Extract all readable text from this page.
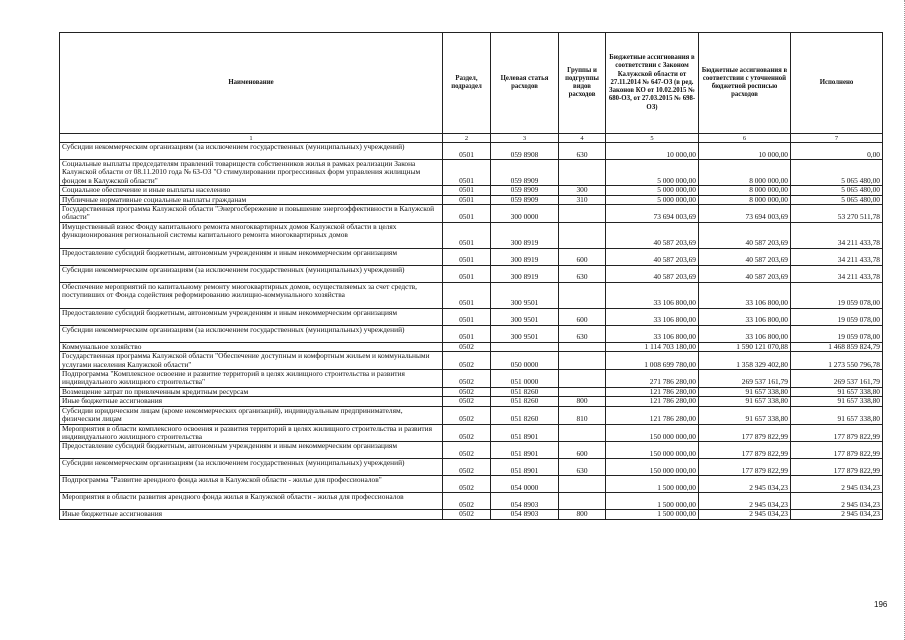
Наименование	Раздел, подраздел	Целевая статья расходов	Группы и подгруппы видов расходов	Бюджетные ассигнования в соответствии с Законом Калужской области от 27.11.2014 № 647-ОЗ (в ред. Законов КО от 10.02.2015 № 680-ОЗ, от 27.03.2015 № 698-ОЗ)	Бюджетные ассигнования в соответствии с уточненной бюджетной росписью расходов	Исполнено
1	2	3	4	5	6	7
Субсидии некоммерческим организациям (за исключением государственных (муниципальных) учреждений)	0501	059 8908	630	10 000,00	10 000,00	0,00
Социальные выплаты председателям правлений товариществ собственников жилья в рамках реализации Закона Калужской области от 08.11.2010 года № 63-ОЗ "О стимулировании прогрессивных форм управления жилищным фондом в Калужской области"	0501	059 8909		5 000 000,00	8 000 000,00	5 065 480,00
Социальное обеспечение и иные выплаты населению	0501	059 8909	300	5 000 000,00	8 000 000,00	5 065 480,00
Публичные нормативные социальные выплаты гражданам	0501	059 8909	310	5 000 000,00	8 000 000,00	5 065 480,00
Государственная программа Калужской области "Энергосбережение и повышение энергоэффективности в Калужской области"	0501	300 0000		73 694 003,69	73 694 003,69	53 270 511,78
Имущественный взнос Фонду капитального ремонта многоквартирных домов Калужской области в целях функционирования региональной системы капитального ремонта многоквартирных домов	0501	300 8919		40 587 203,69	40 587 203,69	34 211 433,78
Предоставление субсидий бюджетным, автономным учреждениям и иным некоммерческим организациям	0501	300 8919	600	40 587 203,69	40 587 203,69	34 211 433,78
Субсидии некоммерческим организациям (за исключением государственных (муниципальных) учреждений)	0501	300 8919	630	40 587 203,69	40 587 203,69	34 211 433,78
Обеспечение мероприятий по капитальному ремонту многоквартирных домов, осуществляемых за счет средств, поступивших от Фонда содействия реформированию жилищно-коммунального хозяйства	0501	300 9501		33 106 800,00	33 106 800,00	19 059 078,00
Предоставление субсидий бюджетным, автономным учреждениям и иным некоммерческим организациям	0501	300 9501	600	33 106 800,00	33 106 800,00	19 059 078,00
Субсидии некоммерческим организациям (за исключением государственных (муниципальных) учреждений)	0501	300 9501	630	33 106 800,00	33 106 800,00	19 059 078,00
Коммунальное хозяйство	0502			1 114 703 180,00	1 590 121 070,88	1 468 859 824,79
Государственная программа Калужской области "Обеспечение доступным и комфортным жильем и коммунальными услугами населения Калужской области"	0502	050 0000		1 008 699 780,00	1 358 329 402,80	1 273 550 796,78
Подпрограмма "Комплексное освоение и развитие территорий в целях жилищного строительства и развития индивидуального жилищного строительства"	0502	051 0000		271 786 280,00	269 537 161,79	269 537 161,79
Возмещение затрат по привлеченным кредитным ресурсам	0502	051 8260		121 786 280,00	91 657 338,80	91 657 338,80
Иные бюджетные ассигнования	0502	051 8260	800	121 786 280,00	91 657 338,80	91 657 338,80
Субсидии юридическим лицам (кроме некоммерческих организаций), индивидуальным предпринимателям, физическим лицам	0502	051 8260	810	121 786 280,00	91 657 338,80	91 657 338,80
Мероприятия в области комплексного освоения и развития территорий в целях жилищного строительства и развития индивидуального жилищного строительства	0502	051 8901		150 000 000,00	177 879 822,99	177 879 822,99
Предоставление субсидий бюджетным, автономным учреждениям и иным некоммерческим организациям	0502	051 8901	600	150 000 000,00	177 879 822,99	177 879 822,99
Субсидии некоммерческим организациям (за исключением государственных (муниципальных) учреждений)	0502	051 8901	630	150 000 000,00	177 879 822,99	177 879 822,99
Подпрограмма "Развитие арендного фонда жилья в Калужской области - жилье для профессионалов"	0502	054 0000		1 500 000,00	2 945 034,23	2 945 034,23
Мероприятия в области развития арендного фонда жилья в Калужской области - жилья для профессионалов	0502	054 8903		1 500 000,00	2 945 034,23	2 945 034,23
Иные бюджетные ассигнования	0502	054 8903	800	1 500 000,00	2 945 034,23	2 945 034,23
196
